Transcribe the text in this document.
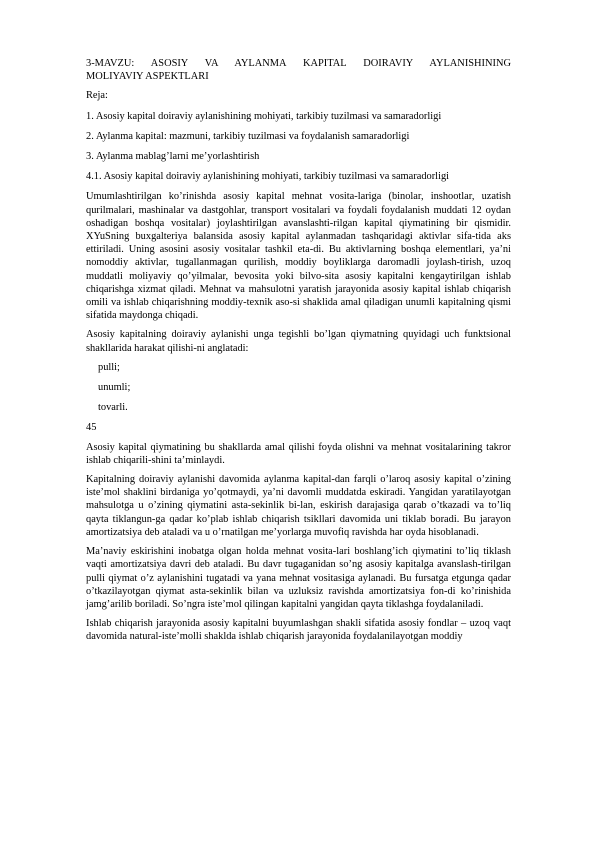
3-MAVZU: ASOSIY VA AYLANMA KAPITAL DOIRAVIY AYLANISHINING
MOLIYAVIY ASPEKTLARI
Reja:
1. Asosiy kapital doiraviy aylanishining mohiyati, tarkibiy tuzilmasi va samaradorligi
2. Aylanma kapital: mazmuni, tarkibiy tuzilmasi va foydalanish samaradorligi
3. Aylanma mablag’larni me’yorlashtirish
4.1. Asosiy kapital doiraviy aylanishining mohiyati, tarkibiy tuzilmasi va samaradorligi

Umumlashtirilgan ko’rinishda asosiy kapital mehnat vosita-lariga (binolar, inshootlar, uzatish qurilmalari, mashinalar va dastgohlar, transport vositalari va foydali foydalanish muddati 12 oydan oshadigan boshqa vositalar) joylashtirilgan avanslashti-rilgan kapital qiymatining bir qismidir. XYuSning buxgalteriya balansida asosiy kapital aylanmadan tashqaridagi aktivlar sifa-tida aks ettiriladi. Uning asosini asosiy vositalar tashkil eta-di. Bu aktivlarning boshqa elementlari, ya’ni nomoddiy aktivlar, tugallanmagan qurilish, moddiy boyliklarga daromadli joylash-tirish, uzoq muddatli moliyaviy qo’yilmalar, bevosita yoki bilvo-sita asosiy kapitalni kengaytirilgan ishlab chiqarishga xizmat qiladi. Mehnat va mahsulotni yaratish jarayonida asosiy kapital ishlab chiqarish omili va ishlab chiqarishning moddiy-texnik aso-si shaklida amal qiladigan unumli kapitalning qismi sifatida maydonga chiqadi.

Asosiy kapitalning doiraviy aylanishi unga tegishli bo’lgan qiymatning quyidagi uch funktsional shakllarida harakat qilishi-ni anglatadi:

pulli;
unumli;
tovarli.
45

Asosiy kapital qiymatining bu shakllarda amal qilishi foyda olishni va mehnat vositalarining takror ishlab chiqarili-shini ta’minlaydi.

Kapitalning doiraviy aylanishi davomida aylanma kapital-dan farqli o’laroq asosiy kapital o’zining iste’mol shaklini birdaniga yo’qotmaydi, ya’ni davomli muddatda eskiradi. Yangidan yaratilayotgan mahsulotga u o’zining qiymatini asta-sekinlik bi-lan, eskirish darajasiga qarab o’tkazadi va to’liq qayta tiklangun-ga qadar ko’plab ishlab chiqarish tsikllari davomida uni tiklab boradi. Bu jarayon amortizatsiya deb ataladi va u o’rnatilgan me’yorlarga muvofiq ravishda har oyda hisoblanadi.

Ma’naviy eskirishini inobatga olgan holda mehnat vosita-lari boshlang’ich qiymatini to’liq tiklash vaqti amortizatsiya davri deb ataladi. Bu davr tugaganidan so’ng asosiy kapitalga avanslash-tirilgan pulli qiymat o’z aylanishini tugatadi va yana mehnat vositasiga aylanadi. Bu fursatga etgunga qadar o’tkazilayotgan qiymat asta-sekinlik bilan va uzluksiz ravishda amortizatsiya fon-di ko’rinishida jamg’arilib boriladi. So’ngra iste’mol qilingan kapitalni yangidan qayta tiklashga foydalaniladi.

Ishlab chiqarish jarayonida asosiy kapitalni buyumlashgan shakli sifatida asosiy fondlar – uzoq vaqt davomida natural-iste’molli shaklda ishlab chiqarish jarayonida foydalanilayotgan moddiy
